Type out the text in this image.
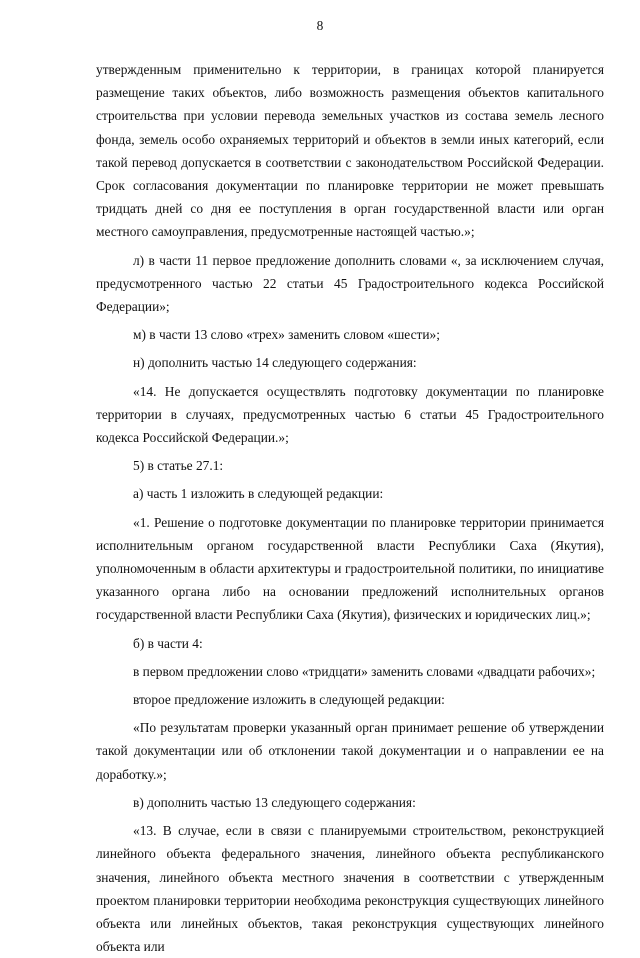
8

утвержденным применительно к территории, в границах которой планируется размещение таких объектов, либо возможность размещения объектов капитального строительства при условии перевода земельных участков из состава земель лесного фонда, земель особо охраняемых территорий и объектов в земли иных категорий, если такой перевод допускается в соответствии с законодательством Российской Федерации. Срок согласования документации по планировке территории не может превышать тридцать дней со дня ее поступления в орган государственной власти или орган местного самоуправления, предусмотренные настоящей частью.»;

л) в части 11 первое предложение дополнить словами «, за исключением случая, предусмотренного частью 22 статьи 45 Градостроительного кодекса Российской Федерации»;

м) в части 13 слово «трех» заменить словом «шести»;

н) дополнить частью 14 следующего содержания:

«14. Не допускается осуществлять подготовку документации по планировке территории в случаях, предусмотренных частью 6 статьи 45 Градостроительного кодекса Российской Федерации.»;

5) в статье 27.1:

а) часть 1 изложить в следующей редакции:

«1. Решение о подготовке документации по планировке территории принимается исполнительным органом государственной власти Республики Саха (Якутия), уполномоченным в области архитектуры и градостроительной политики, по инициативе указанного органа либо на основании предложений исполнительных органов государственной власти Республики Саха (Якутия), физических и юридических лиц.»;

б) в части 4:

в первом предложении слово «тридцати» заменить словами «двадцати рабочих»;

второе предложение изложить в следующей редакции:

«По результатам проверки указанный орган принимает решение об утверждении такой документации или об отклонении такой документации и о направлении ее на доработку.»;

в) дополнить частью 13 следующего содержания:

«13. В случае, если в связи с планируемыми строительством, реконструкцией линейного объекта федерального значения, линейного объекта республиканского значения, линейного объекта местного значения в соответствии с утвержденным проектом планировки территории необходима реконструкция существующих линейного объекта или линейных объектов, такая реконструкция существующих линейного объекта или
